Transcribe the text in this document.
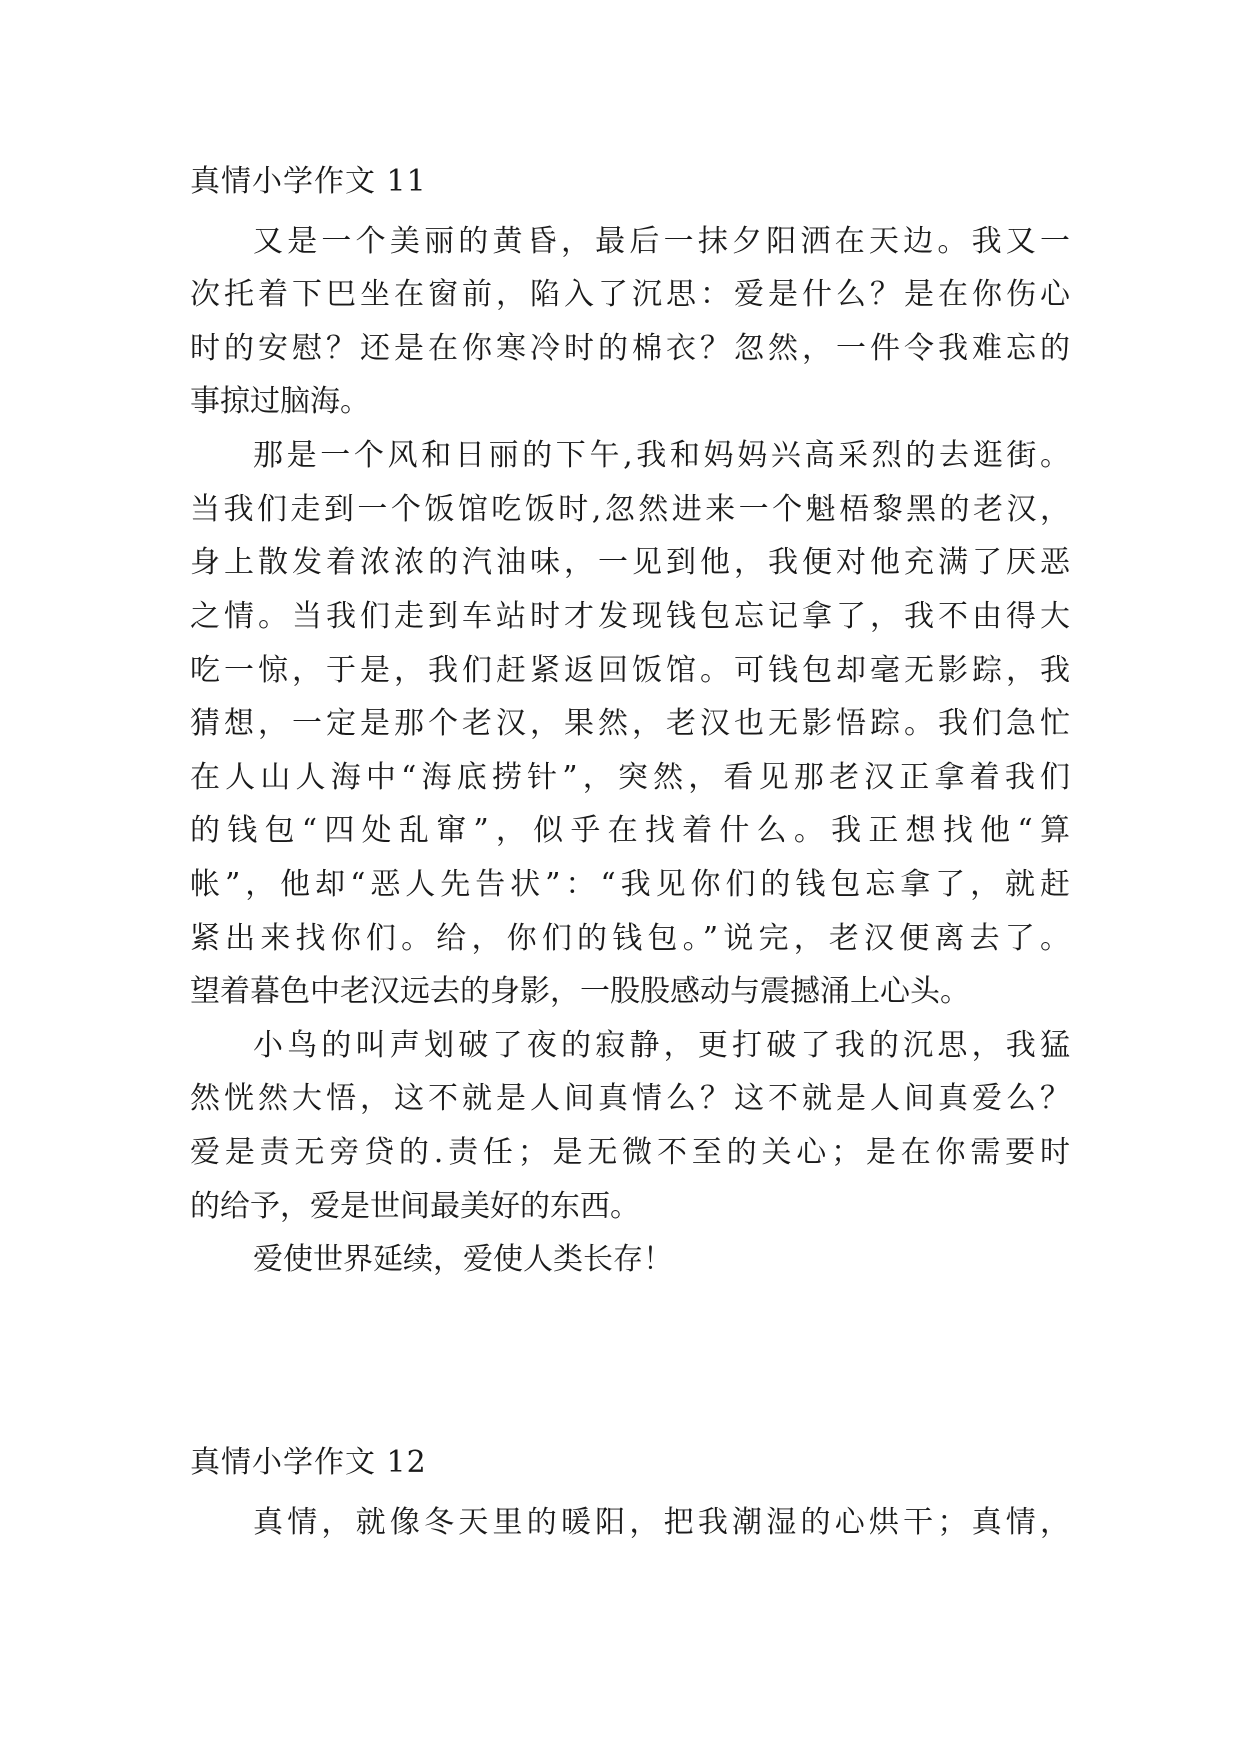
真情小学作文 11
又是一个美丽的黄昏，最后一抹夕阳洒在天边。我又一
次托着下巴坐在窗前，陷入了沉思：爱是什么？是在你伤心
时的安慰？还是在你寒冷时的棉衣？忽然，一件令我难忘的
事掠过脑海。
那是一个风和日丽的下午,我和妈妈兴高采烈的去逛街。
当我们走到一个饭馆吃饭时,忽然进来一个魁梧黎黑的老汉，
身上散发着浓浓的汽油味，一见到他，我便对他充满了厌恶
之情。当我们走到车站时才发现钱包忘记拿了，我不由得大
吃一惊，于是，我们赶紧返回饭馆。可钱包却毫无影踪，我
猜想，一定是那个老汉，果然，老汉也无影悟踪。我们急忙
在人山人海中“海底捞针”，突然，看见那老汉正拿着我们
的钱包“四处乱窜”，似乎在找着什么。我正想找他“算
帐”，他却“恶人先告状”：“我见你们的钱包忘拿了，就赶
紧出来找你们。给，你们的钱包。”说完，老汉便离去了。
望着暮色中老汉远去的身影，一股股感动与震撼涌上心头。
小鸟的叫声划破了夜的寂静，更打破了我的沉思，我猛
然恍然大悟，这不就是人间真情么？这不就是人间真爱么？
爱是责无旁贷的.责任；是无微不至的关心；是在你需要时
的给予，爱是世间最美好的东西。
爱使世界延续，爱使人类长存！
真情小学作文 12
真情，就像冬天里的暖阳，把我潮湿的心烘干；真情，
